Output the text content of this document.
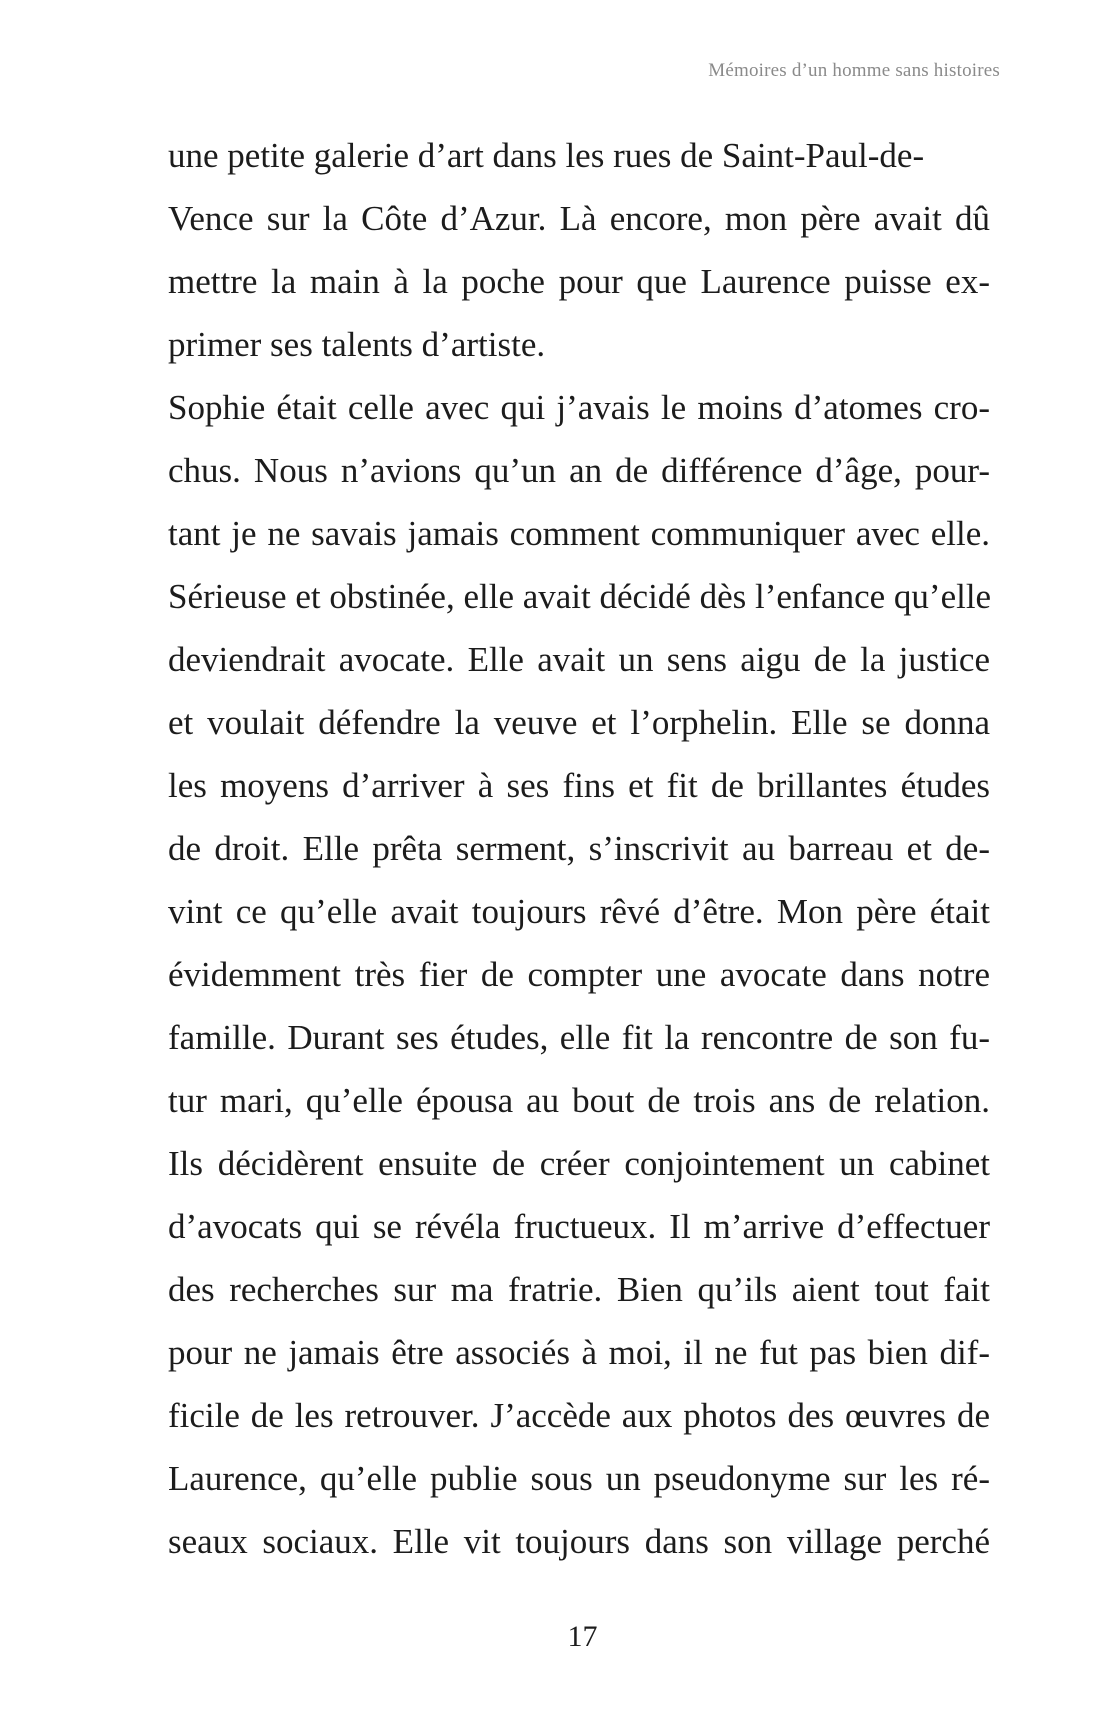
Mémoires d’un homme sans histoires
une petite galerie d’art dans les rues de Saint-Paul-de-
Vence sur la Côte d’Azur. Là encore, mon père avait dû
mettre la main à la poche pour que Laurence puisse ex-
primer ses talents d’artiste.
Sophie était celle avec qui j’avais le moins d’atomes cro-
chus. Nous n’avions qu’un an de différence d’âge, pour-
tant je ne savais jamais comment communiquer avec elle.
Sérieuse et obstinée, elle avait décidé dès l’enfance qu’elle
deviendrait avocate. Elle avait un sens aigu de la justice
et voulait défendre la veuve et l’orphelin. Elle se donna
les moyens d’arriver à ses fins et fit de brillantes études
de droit. Elle prêta serment, s’inscrivit au barreau et de-
vint ce qu’elle avait toujours rêvé d’être. Mon père était
évidemment très fier de compter une avocate dans notre
famille. Durant ses études, elle fit la rencontre de son fu-
tur mari, qu’elle épousa au bout de trois ans de relation.
Ils décidèrent ensuite de créer conjointement un cabinet
d’avocats qui se révéla fructueux. Il m’arrive d’effectuer
des recherches sur ma fratrie. Bien qu’ils aient tout fait
pour ne jamais être associés à moi, il ne fut pas bien dif-
ficile de les retrouver. J’accède aux photos des œuvres de
Laurence, qu’elle publie sous un pseudonyme sur les ré-
seaux sociaux. Elle vit toujours dans son village perché
17
